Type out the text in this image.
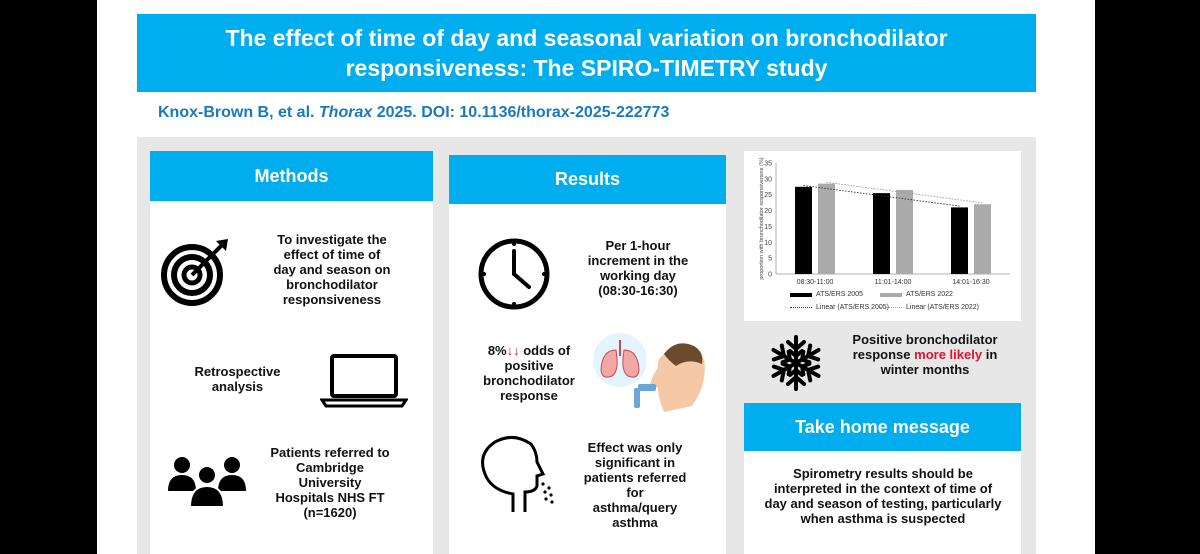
The effect of time of day and seasonal variation on bronchodilator
responsiveness: The SPIRO-TIMETRY study
Knox-Brown B, et al. Thorax 2025. DOI: 10.1136/thorax-2025-222773
Methods
To investigate the effect of time of day and season on bronchodilator responsiveness
Retrospective analysis
Patients referred to Cambridge University Hospitals NHS FT (n=1620)
Results
Per 1-hour increment in the working day (08:30-16:30)
8%↓↓ odds of positive bronchodilator response
Effect was only significant in patients referred for asthma/query asthma
0
5
10
15
20
25
30
35
proportion with bronchodilator responsiveness (%)
08:30-11:00	11:01-14:00	14:01-16:30
ATS/ERS 2005	ATS/ERS 2022
Linear (ATS/ERS 2005) Linear (ATS/ERS 2022)
Positive bronchodilator response more likely in winter months
Take home message
Spirometry results should be interpreted in the context of time of day and season of testing, particularly when asthma is suspected
